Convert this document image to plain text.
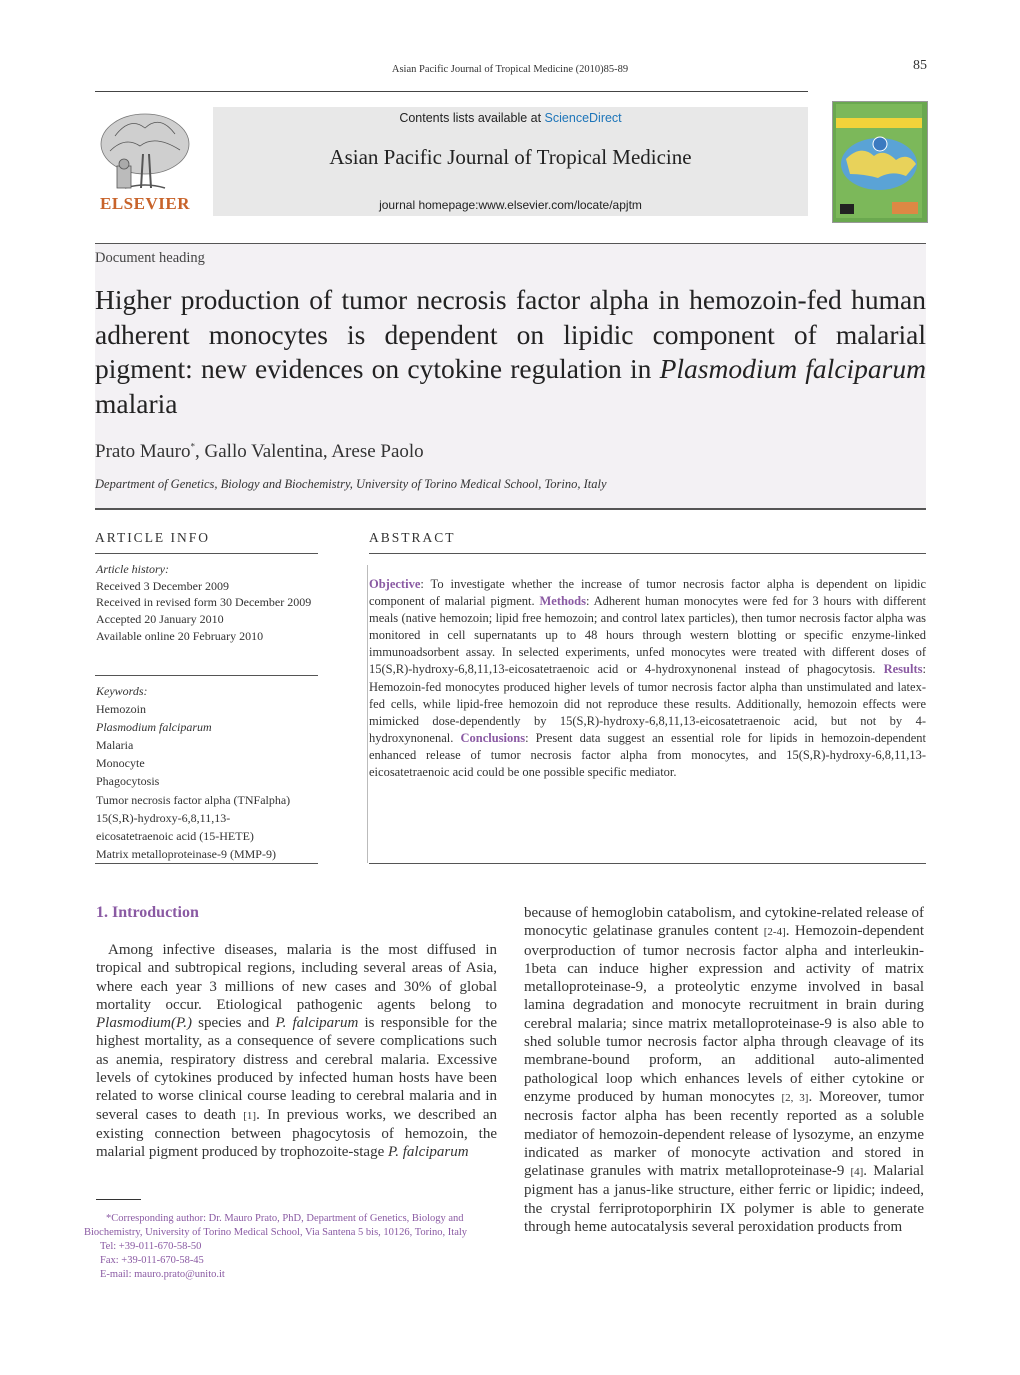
Asian Pacific Journal of Tropical Medicine (2010)85-89	85
ELSEVIER
Contents lists available at ScienceDirect
Asian Pacific Journal of Tropical Medicine
journal homepage:www.elsevier.com/locate/apjtm
Document heading
Higher production of tumor necrosis factor alpha in hemozoin-fed human adherent monocytes is dependent on lipidic component of malarial pigment: new evidences on cytokine regulation in Plasmodium falciparum malaria
Prato Mauro*, Gallo Valentina, Arese Paolo
Department of Genetics, Biology and Biochemistry, University of Torino Medical School, Torino, Italy
ARTICLE INFO
Article history:
Received 3 December 2009
Received in revised form 30 December 2009
Accepted 20 January 2010
Available online 20 February 2010
Keywords:
Hemozoin
Plasmodium falciparum
Malaria
Monocyte
Phagocytosis
Tumor necrosis factor alpha (TNFalpha)
15(S,R)-hydroxy-6,8,11,13-
eicosatetraenoic acid (15-HETE)
Matrix metalloproteinase-9 (MMP-9)
ABSTRACT
Objective: To investigate whether the increase of tumor necrosis factor alpha is dependent on lipidic component of malarial pigment. Methods: Adherent human monocytes were fed for 3 hours with different meals (native hemozoin; lipid free hemozoin; and control latex particles), then tumor necrosis factor alpha was monitored in cell supernatants up to 48 hours through western blotting or specific enzyme-linked immunoadsorbent assay. In selected experiments, unfed monocytes were treated with different doses of 15(S,R)-hydroxy-6,8,11,13-eicosatetraenoic acid or 4-hydroxynonenal instead of phagocytosis. Results: Hemozoin-fed monocytes produced higher levels of tumor necrosis factor alpha than unstimulated and latex-fed cells, while lipid-free hemozoin did not reproduce these results. Additionally, hemozoin effects were mimicked dose-dependently by 15(S,R)-hydroxy-6,8,11,13-eicosatetraenoic acid, but not by 4-hydroxynonenal. Conclusions: Present data suggest an essential role for lipids in hemozoin-dependent enhanced release of tumor necrosis factor alpha from monocytes, and 15(S,R)-hydroxy-6,8,11,13-eicosatetraenoic acid could be one possible specific mediator.
1. Introduction

Among infective diseases, malaria is the most diffused in tropical and subtropical regions, including several areas of Asia, where each year 3 millions of new cases and 30% of global mortality occur. Etiological pathogenic agents belong to Plasmodium(P.) species and P. falciparum is responsible for the highest mortality, as a consequence of severe complications such as anemia, respiratory distress and cerebral malaria. Excessive levels of cytokines produced by infected human hosts have been related to worse clinical course leading to cerebral malaria and in several cases to death [1]. In previous works, we described an existing connection between phagocytosis of hemozoin, the malarial pigment produced by trophozoite-stage P. falciparum

because of hemoglobin catabolism, and cytokine-related release of monocytic gelatinase granules content [2-4]. Hemozoin-dependent overproduction of tumor necrosis factor alpha and interleukin-1beta can induce higher expression and activity of matrix metalloproteinase-9, a proteolytic enzyme involved in basal lamina degradation and monocyte recruitment in brain during cerebral malaria; since matrix metalloproteinase-9 is also able to shed soluble tumor necrosis factor alpha through cleavage of its membrane-bound proform, an additional auto-alimented pathological loop which enhances levels of either cytokine or enzyme produced by human monocytes [2, 3]. Moreover, tumor necrosis factor alpha has been recently reported as a soluble mediator of hemozoin-dependent release of lysozyme, an enzyme indicated as marker of monocyte activation and stored in gelatinase granules with matrix metalloproteinase-9 [4]. Malarial pigment has a janus-like structure, either ferric or lipidic; indeed, the crystal ferriprotoporphirin IX polymer is able to generate through heme autocatalysis several peroxidation products from

*Corresponding author: Dr. Mauro Prato, PhD, Department of Genetics, Biology and Biochemistry, University of Torino Medical School, Via Santena 5 bis, 10126, Torino, Italy
Tel: +39-011-670-58-50
Fax: +39-011-670-58-45
E-mail: mauro.prato@unito.it
